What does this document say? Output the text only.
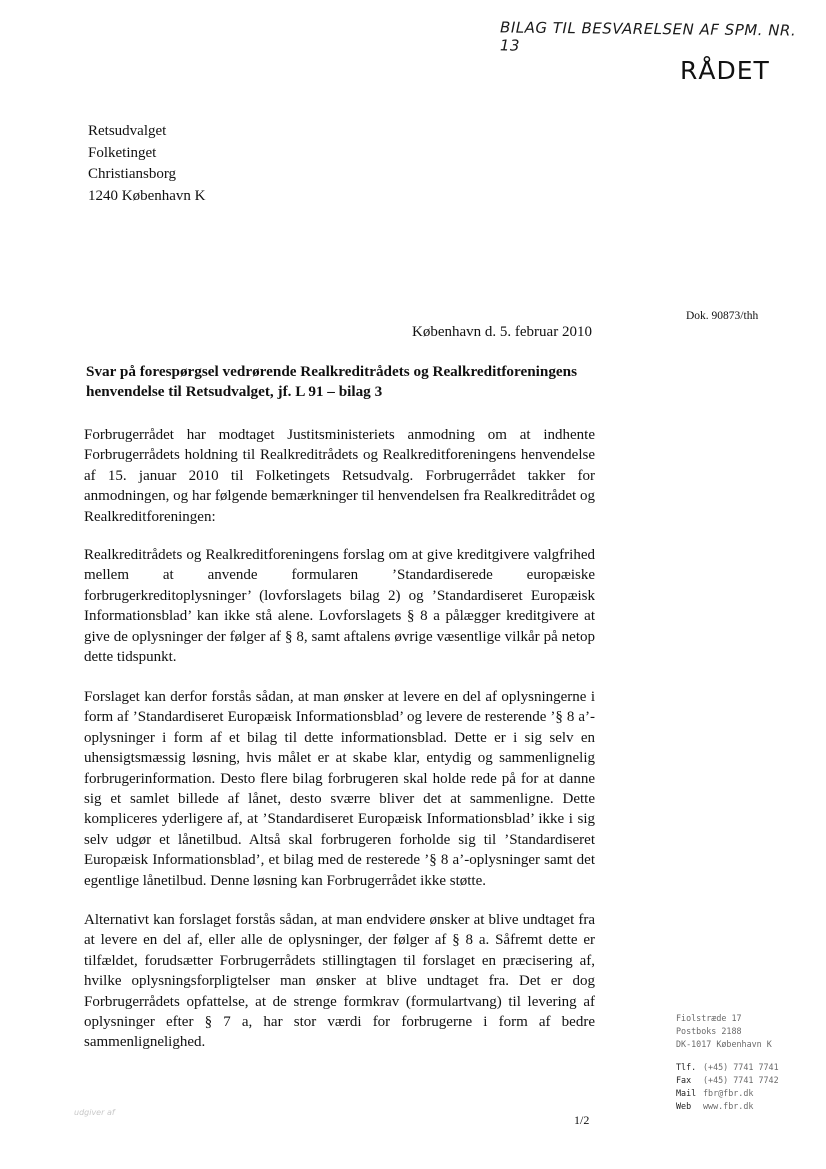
BILAG TIL BESVARELSEN AF SPM. NR. 13
RÅDET
Retsudvalget
Folketinget
Christiansborg
1240 København K
Dok. 90873/thh
København d. 5. februar 2010
Svar på forespørgsel vedrørende Realkreditrådets og Realkreditforeningens henvendelse til Retsudvalget, jf. L 91 – bilag 3
Forbrugerrådet har modtaget Justitsministeriets anmodning om at indhente Forbrugerrådets holdning til Realkreditrådets og Realkreditforeningens henvendelse af 15. januar 2010 til Folketingets Retsudvalg. Forbrugerrådet takker for anmodningen, og har følgende bemærkninger til henvendelsen fra Realkreditrådet og Realkreditforeningen:
Realkreditrådets og Realkreditforeningens forslag om at give kreditgivere valgfrihed mellem at anvende formularen ’Standardiserede europæiske forbrugerkreditoplysninger’ (lovforslagets bilag 2) og ’Standardiseret Europæisk Informationsblad’ kan ikke stå alene. Lovforslagets § 8 a pålægger kreditgivere at give de oplysninger der følger af § 8, samt aftalens øvrige væsentlige vilkår på netop dette tidspunkt.
Forslaget kan derfor forstås sådan, at man ønsker at levere en del af oplysningerne i form af ’Standardiseret Europæisk Informationsblad’ og levere de resterende ’§ 8 a’-oplysninger i form af et bilag til dette informationsblad. Dette er i sig selv en uhensigtsmæssig løsning, hvis målet er at skabe klar, entydig og sammenlignelig forbrugerinformation. Desto flere bilag forbrugeren skal holde rede på for at danne sig et samlet billede af lånet, desto sværre bliver det at sammenligne. Dette kompliceres yderligere af, at ’Standardiseret Europæisk Informationsblad’ ikke i sig selv udgør et lånetilbud. Altså skal forbrugeren forholde sig til ’Standardiseret Europæisk Informationsblad’, et bilag med de resterede ’§ 8 a’-oplysninger samt det egentlige lånetilbud. Denne løsning kan Forbrugerrådet ikke støtte.
Alternativt kan forslaget forstås sådan, at man endvidere ønsker at blive undtaget fra at levere en del af, eller alle de oplysninger, der følger af § 8 a. Såfremt dette er tilfældet, forudsætter Forbrugerrådets stillingtagen til forslaget en præcisering af, hvilke oplysningsforpligtelser man ønsker at blive undtaget fra. Det er dog Forbrugerrådets opfattelse, at de strenge formkrav (formulartvang) til levering af oplysninger efter § 7 a, har stor værdi for forbrugerne i form af bedre sammenlignelighed.
Fiolstræde 17
Postboks 2188
DK-1017 København K
Tlf. (+45) 7741 7741
Fax	(+45) 7741 7742
Mail fbr@fbr.dk
Web	www.fbr.dk
udgiver af
1/2
